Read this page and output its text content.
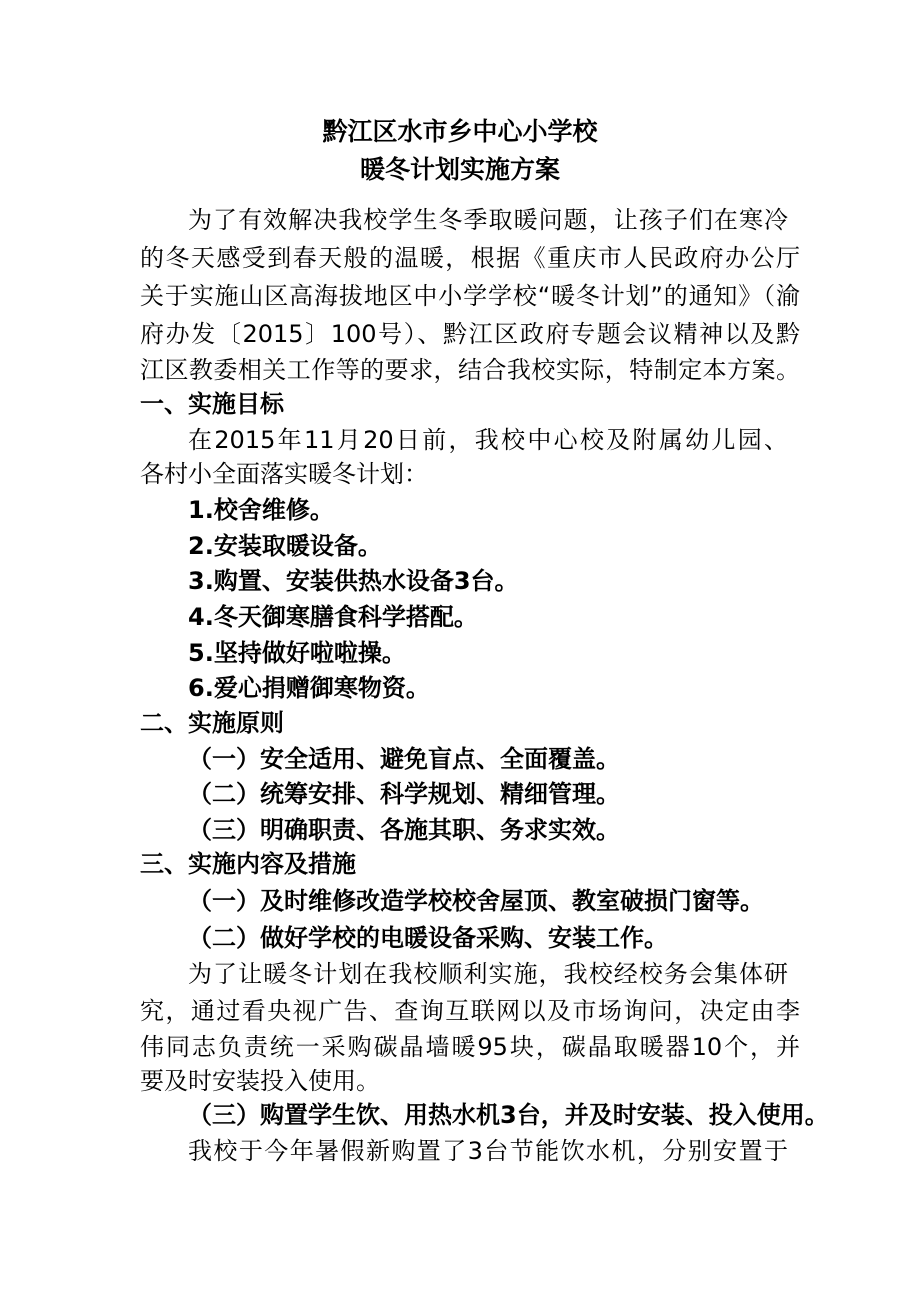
黔江区水市乡中心小学校
暖冬计划实施方案
为了有效解决我校学生冬季取暖问题，让孩子们在寒冷
的冬天感受到春天般的温暖，根据《重庆市人民政府办公厅
关于实施山区高海拔地区中小学学校“暖冬计划”的通知》（渝
府办发〔2015〕100号）、黔江区政府专题会议精神以及黔
江区教委相关工作等的要求，结合我校实际，特制定本方案。
一、实施目标
在2015年11月20日前，我校中心校及附属幼儿园、
各村小全面落实暖冬计划：
1.校舍维修。
2.安装取暖设备。
3.购置、安装供热水设备3台。
4.冬天御寒膳食科学搭配。
5.坚持做好啦啦操。
6.爱心捐赠御寒物资。
二、实施原则
（一）安全适用、避免盲点、全面覆盖。
（二）统筹安排、科学规划、精细管理。
（三）明确职责、各施其职、务求实效。
三、实施内容及措施
（一）及时维修改造学校校舍屋顶、教室破损门窗等。
（二）做好学校的电暖设备采购、安装工作。
为了让暖冬计划在我校顺利实施，我校经校务会集体研
究，通过看央视广告、查询互联网以及市场询问，决定由李
伟同志负责统一采购碳晶墙暖95块，碳晶取暖器10个，并
要及时安装投入使用。
（三）购置学生饮、用热水机3台，并及时安装、投入使用。
我校于今年暑假新购置了3台节能饮水机，分别安置于
